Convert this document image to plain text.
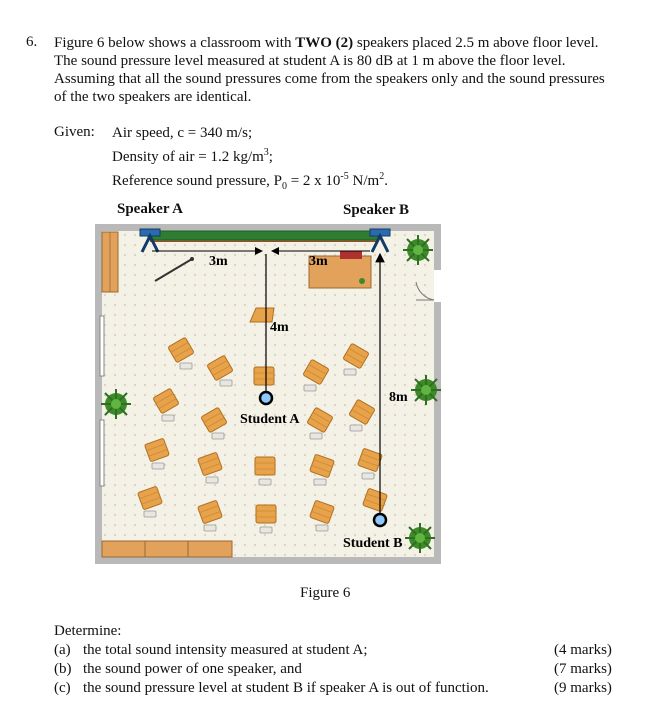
6. Figure 6 below shows a classroom with TWO (2) speakers placed 2.5 m above floor level.
The sound pressure level measured at student A is 80 dB at 1 m above the floor level.
Assuming that all the sound pressures come from the speakers only and the sound pressures
of the two speakers are identical.
Given: Air speed, c = 340 m/s;
Density of air = 1.2 $kg/m^3$;
Reference sound pressure, $P_0 = 2$ x $10^{-5}$ $N/m^2$.
Speaker A	Speaker B
3m	3m
4m
8m
Student A
Student B
Figure 6
Determine:
(a) the total sound intensity measured at student A;
(b) the sound power of one speaker, and
(c) the sound pressure level at student B if speaker A is out of function.
(4 marks)
(7 marks)
(9 marks)
